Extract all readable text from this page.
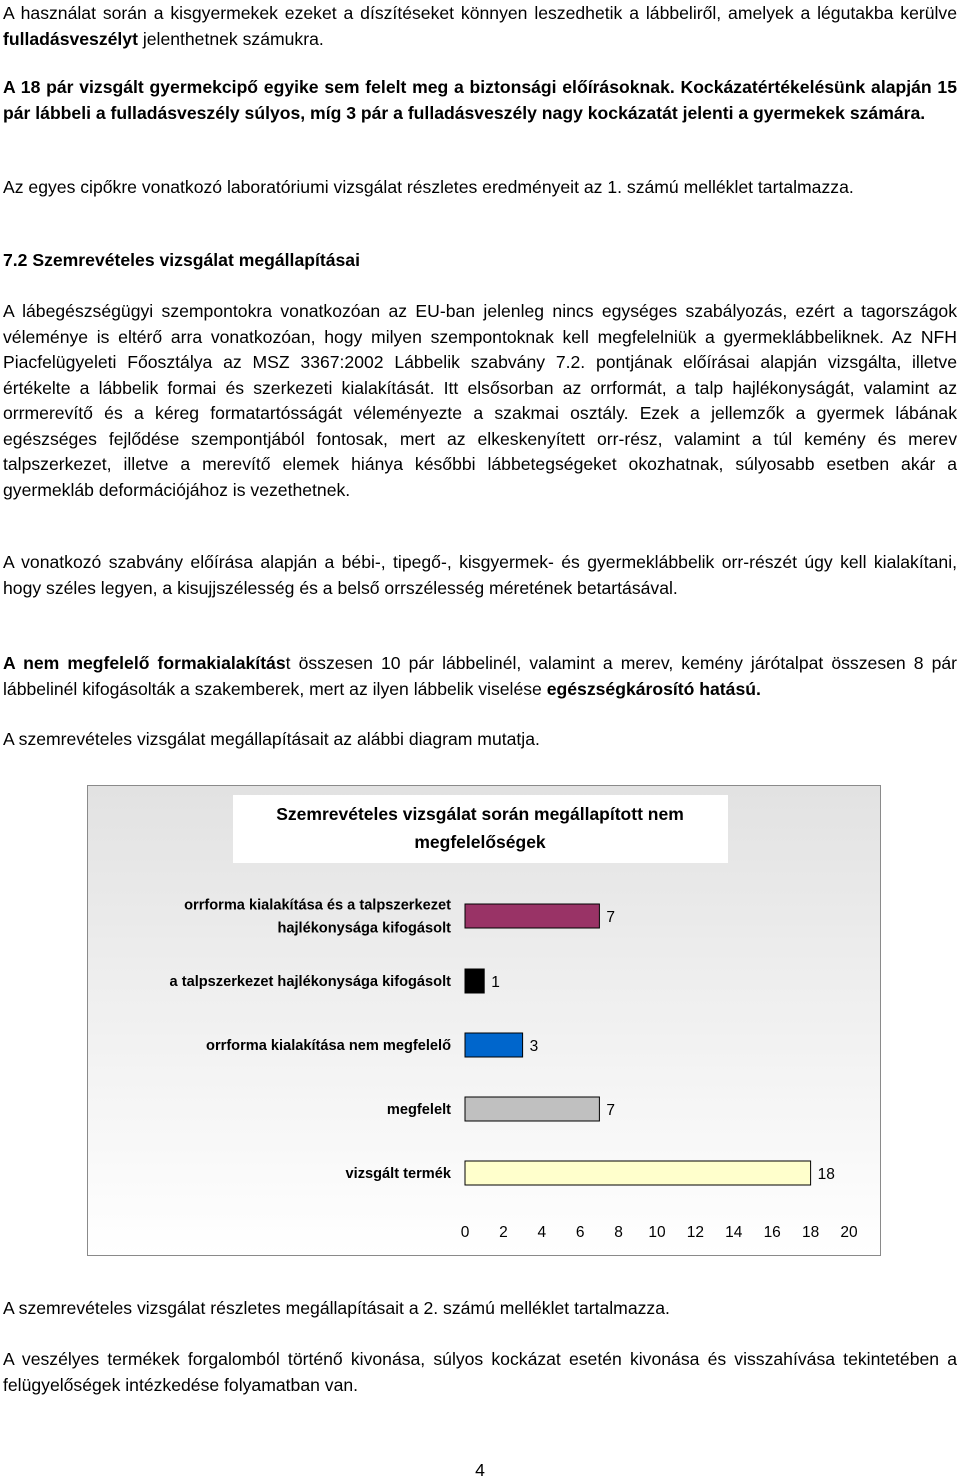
A használat során a kisgyermekek ezeket a díszítéseket könnyen leszedhetik a lábbeliről, amelyek a légutakba kerülve fulladásveszélyt jelenthetnek számukra.

A 18 pár vizsgált gyermekcipő egyike sem felelt meg a biztonsági előírásoknak. Kockázatértékelésünk alapján 15 pár lábbeli a fulladásveszély súlyos, míg 3 pár a fulladásveszély nagy kockázatát jelenti a gyermekek számára.

Az egyes cipőkre vonatkozó laboratóriumi vizsgálat részletes eredményeit az 1. számú melléklet tartalmazza.

7.2 Szemrevételes vizsgálat megállapításai

A lábegészségügyi szempontokra vonatkozóan az EU-ban jelenleg nincs egységes szabályozás, ezért a tagországok véleménye is eltérő arra vonatkozóan, hogy milyen szempontoknak kell megfelelniük a gyermeklábbeliknek. Az NFH Piacfelügyeleti Főosztálya az MSZ 3367:2002 Lábbelik szabvány 7.2. pontjának előírásai alapján vizsgálta, illetve értékelte a lábbelik formai és szerkezeti kialakítását. Itt elsősorban az orrformát, a talp hajlékonyságát, valamint az orrmerevítő és a kéreg formatartósságát véleményezte a szakmai osztály. Ezek a jellemzők a gyermek lábának egészséges fejlődése szempontjából fontosak, mert az elkeskenyített orr-rész, valamint a túl kemény és merev talpszerkezet, illetve a merevítő elemek hiánya későbbi lábbetegségeket okozhatnak, súlyosabb esetben akár a gyermekláb deformációjához is vezethetnek.

A vonatkozó szabvány előírása alapján a bébi-, tipegő-, kisgyermek- és gyermeklábbelik orr-részét úgy kell kialakítani, hogy széles legyen, a kisujjszélesség és a belső orrszélesség méretének betartásával.

A nem megfelelő formakialakítást összesen 10 pár lábbelinél, valamint a merev, kemény járótalpat összesen 8 pár lábbelinél kifogásolták a szakemberek, mert az ilyen lábbelik viselése egészségkárosító hatású.

A szemrevételes vizsgálat megállapításait az alábbi diagram mutatja.

Szemrevételes vizsgálat során megállapított nem
megfelelőségek
7
orrforma kialakítása és a talpszerkezet
hajlékonysága kifogásolt
1
a talpszerkezet hajlékonysága kifogásolt
3
orrforma kialakítása nem megfelelő
7
megfelelt
18
vizsgált termék
0 2 4 6 8 10 12 14 16 18 20

A szemrevételes vizsgálat részletes megállapításait a 2. számú melléklet tartalmazza.

A veszélyes termékek forgalomból történő kivonása, súlyos kockázat esetén kivonása és visszahívása tekintetében a felügyelőségek intézkedése folyamatban van.

4
